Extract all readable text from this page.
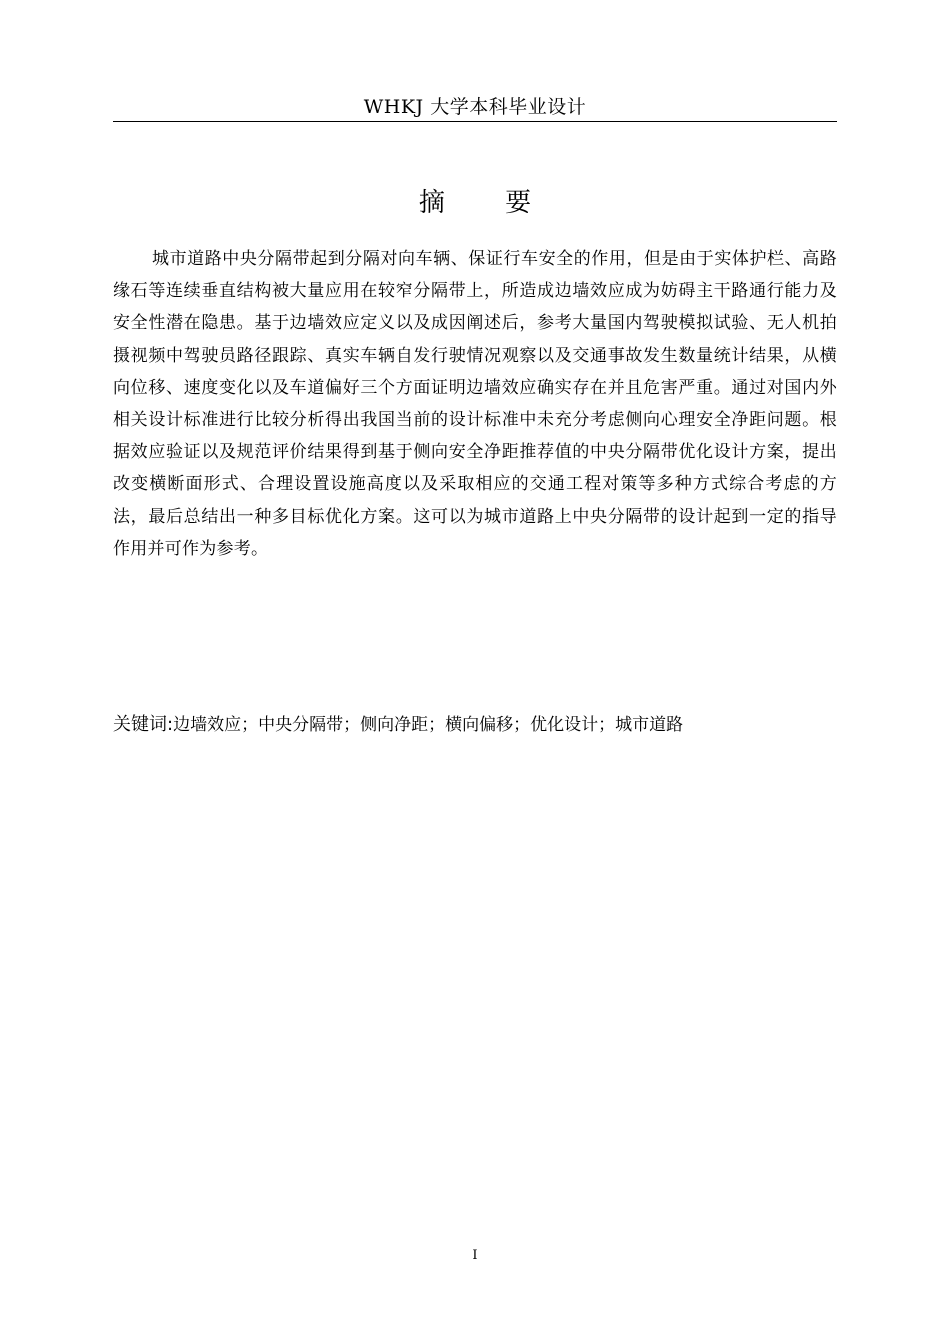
WHKJ 大学本科毕业设计
摘 要

城市道路中央分隔带起到分隔对向车辆、保证行车安全的作用，但是由于实体护栏、高路缘石等连续垂直结构被大量应用在较窄分隔带上，所造成边墙效应成为妨碍主干路通行能力及安全性潜在隐患。基于边墙效应定义以及成因阐述后，参考大量国内驾驶模拟试验、无人机拍摄视频中驾驶员路径跟踪、真实车辆自发行驶情况观察以及交通事故发生数量统计结果，从横向位移、速度变化以及车道偏好三个方面证明边墙效应确实存在并且危害严重。通过对国内外相关设计标准进行比较分析得出我国当前的设计标准中未充分考虑侧向心理安全净距问题。根据效应验证以及规范评价结果得到基于侧向安全净距推荐值的中央分隔带优化设计方案，提出改变横断面形式、合理设置设施高度以及采取相应的交通工程对策等多种方式综合考虑的方法，最后总结出一种多目标优化方案。这可以为城市道路上中央分隔带的设计起到一定的指导作用并可作为参考。

关键词:边墙效应；中央分隔带；侧向净距；横向偏移；优化设计；城市道路
I
